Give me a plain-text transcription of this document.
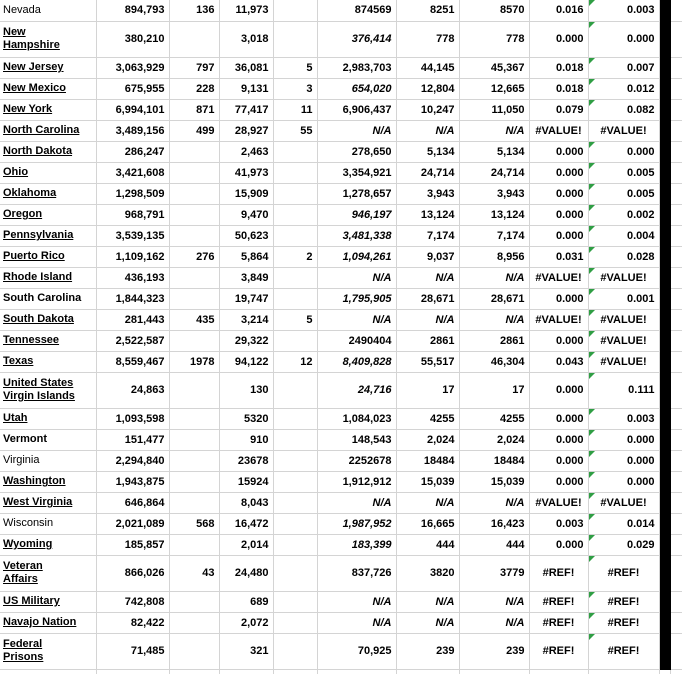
Nevada	894,793	136	11,973		874569	8251	8570	0.016	0.003

New
Hampshire	380,210		3,018		376,414	778	778	0.000	0.000

New Jersey	3,063,929	797	36,081	5	2,983,703	44,145	45,367	0.018	0.007

New Mexico	675,955	228	9,131	3	654,020	12,804	12,665	0.018	0.012

New York	6,994,101	871	77,417	11	6,906,437	10,247	11,050	0.079	0.082

North Carolina	3,489,156	499	28,927	55	N/A	N/A	N/A	#VALUE!	#VALUE!		
North Dakota	286,247		2,463		278,650	5,134	5,134	0.000	0.000

Ohio	3,421,608		41,973		3,354,921	24,714	24,714	0.000	0.005

Oklahoma	1,298,509		15,909		1,278,657	3,943	3,943	0.000	0.005

Oregon	968,791		9,470		946,197	13,124	13,124	0.000	0.002

Pennsylvania	3,539,135		50,623		3,481,338	7,174	7,174	0.000	0.004

Puerto Rico	1,109,162	276	5,864	2	1,094,261	9,037	8,956	0.031	0.028

Rhode Island	436,193		3,849		N/A	N/A	N/A	#VALUE!	#VALUE!

South Carolina	1,844,323		19,747		1,795,905	28,671	28,671	0.000	0.001

South Dakota	281,443	435	3,214	5	N/A	N/A	N/A	#VALUE!	#VALUE!

Tennessee	2,522,587		29,322		2490404	2861	2861	0.000	#VALUE!

Texas	8,559,467	1978	94,122	12	8,409,828	55,517	46,304	0.043	#VALUE!

United States
Virgin Islands	24,863		130		24,716	17	17	0.000	0.111

Utah	1,093,598		5320		1,084,023	4255	4255	0.000	0.003

Vermont	151,477		910		148,543	2,024	2,024	0.000	0.000

Virginia	2,294,840		23678		2252678	18484	18484	0.000	0.000

Washington	1,943,875		15924		1,912,912	15,039	15,039	0.000	0.000

West Virginia	646,864		8,043		N/A	N/A	N/A	#VALUE!	#VALUE!

Wisconsin	2,021,089	568	16,472		1,987,952	16,665	16,423	0.003	0.014

Wyoming	185,857		2,014		183,399	444	444	0.000	0.029

Veteran
Affairs	866,026	43	24,480		837,726	3820	3779	#REF!	#REF!

US Military	742,808		689		N/A	N/A	N/A	#REF!	#REF!

Navajo Nation	82,422		2,072		N/A	N/A	N/A	#REF!	#REF!

Federal
Prisons	71,485		321		70,925	239	239	#REF!	#REF!
